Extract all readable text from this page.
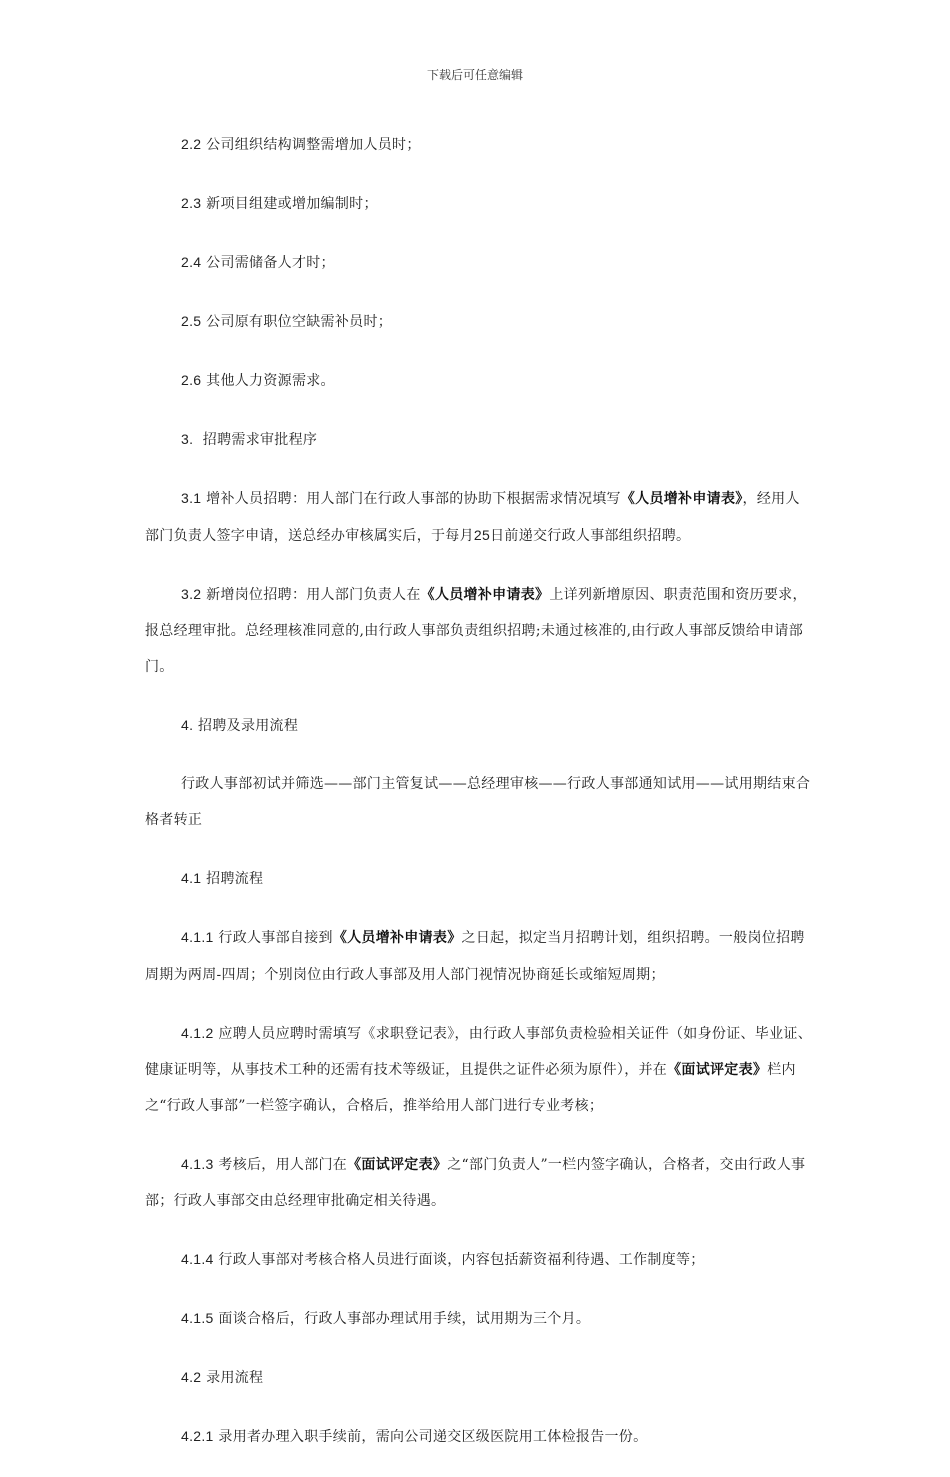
下载后可任意编辑

2.2 公司组织结构调整需增加人员时；

2.3 新项目组建或增加编制时；

2.4 公司需储备人才时；

2.5 公司原有职位空缺需补员时；

2.6 其他人力资源需求。

3. 招聘需求审批程序

3.1 增补人员招聘：用人部门在行政人事部的协助下根据需求情况填写《人员增补申请表》，经用人部门负责人签字申请，送总经办审核属实后，于每月25日前递交行政人事部组织招聘。

3.2 新增岗位招聘：用人部门负责人在《人员增补申请表》上详列新增原因、职责范围和资历要求，报总经理审批。总经理核准同意的,由行政人事部负责组织招聘;未通过核准的,由行政人事部反馈给申请部门。

4. 招聘及录用流程

行政人事部初试并筛选——部门主管复试——总经理审核——行政人事部通知试用——试用期结束合格者转正

4.1 招聘流程

4.1.1 行政人事部自接到《人员增补申请表》之日起，拟定当月招聘计划，组织招聘。一般岗位招聘周期为两周-四周；个别岗位由行政人事部及用人部门视情况协商延长或缩短周期；

4.1.2 应聘人员应聘时需填写《求职登记表》，由行政人事部负责检验相关证件（如身份证、毕业证、健康证明等，从事技术工种的还需有技术等级证，且提供之证件必须为原件），并在《面试评定表》栏内之“行政人事部”一栏签字确认，合格后，推举给用人部门进行专业考核；

4.1.3 考核后，用人部门在《面试评定表》之“部门负责人”一栏内签字确认，合格者，交由行政人事部；行政人事部交由总经理审批确定相关待遇。

4.1.4 行政人事部对考核合格人员进行面谈，内容包括薪资福利待遇、工作制度等；

4.1.5 面谈合格后，行政人事部办理试用手续，试用期为三个月。

4.2 录用流程

4.2.1 录用者办理入职手续前，需向公司递交区级医院用工体检报告一份。
